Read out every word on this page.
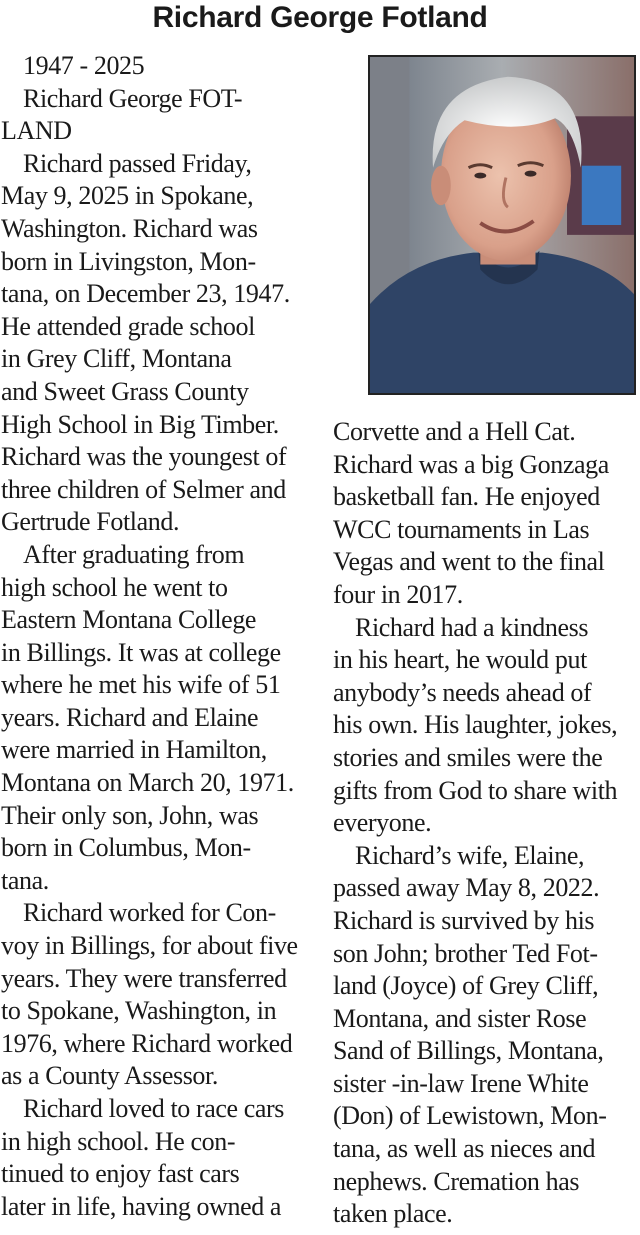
Richard George Fotland
1947 - 2025
Richard George FOT-
LAND
Richard passed Friday,
May 9, 2025 in Spokane,
Washington. Richard was
born in Livingston, Mon-
tana, on December 23, 1947.
He attended grade school
in Grey Cliff, Montana
and Sweet Grass County
High School in Big Timber.
Richard was the youngest of
three children of Selmer and
Gertrude Fotland.
After graduating from
high school he went to
Eastern Montana College
in Billings. It was at college
where he met his wife of 51
years. Richard and Elaine
were married in Hamilton,
Montana on March 20, 1971.
Their only son, John, was
born in Columbus, Mon-
tana.
Richard worked for Con-
voy in Billings, for about five
years. They were transferred
to Spokane, Washington, in
1976, where Richard worked
as a County Assessor.
Richard loved to race cars
in high school. He con-
tinued to enjoy fast cars
later in life, having owned a
Corvette and a Hell Cat.
Richard was a big Gonzaga
basketball fan. He enjoyed
WCC tournaments in Las
Vegas and went to the final
four in 2017.
Richard had a kindness
in his heart, he would put
anybody’s needs ahead of
his own. His laughter, jokes,
stories and smiles were the
gifts from God to share with
everyone.
Richard’s wife, Elaine,
passed away May 8, 2022.
Richard is survived by his
son John; brother Ted Fot-
land (Joyce) of Grey Cliff,
Montana, and sister Rose
Sand of Billings, Montana,
sister -in-law Irene White
(Don) of Lewistown, Mon-
tana, as well as nieces and
nephews. Cremation has
taken place.
